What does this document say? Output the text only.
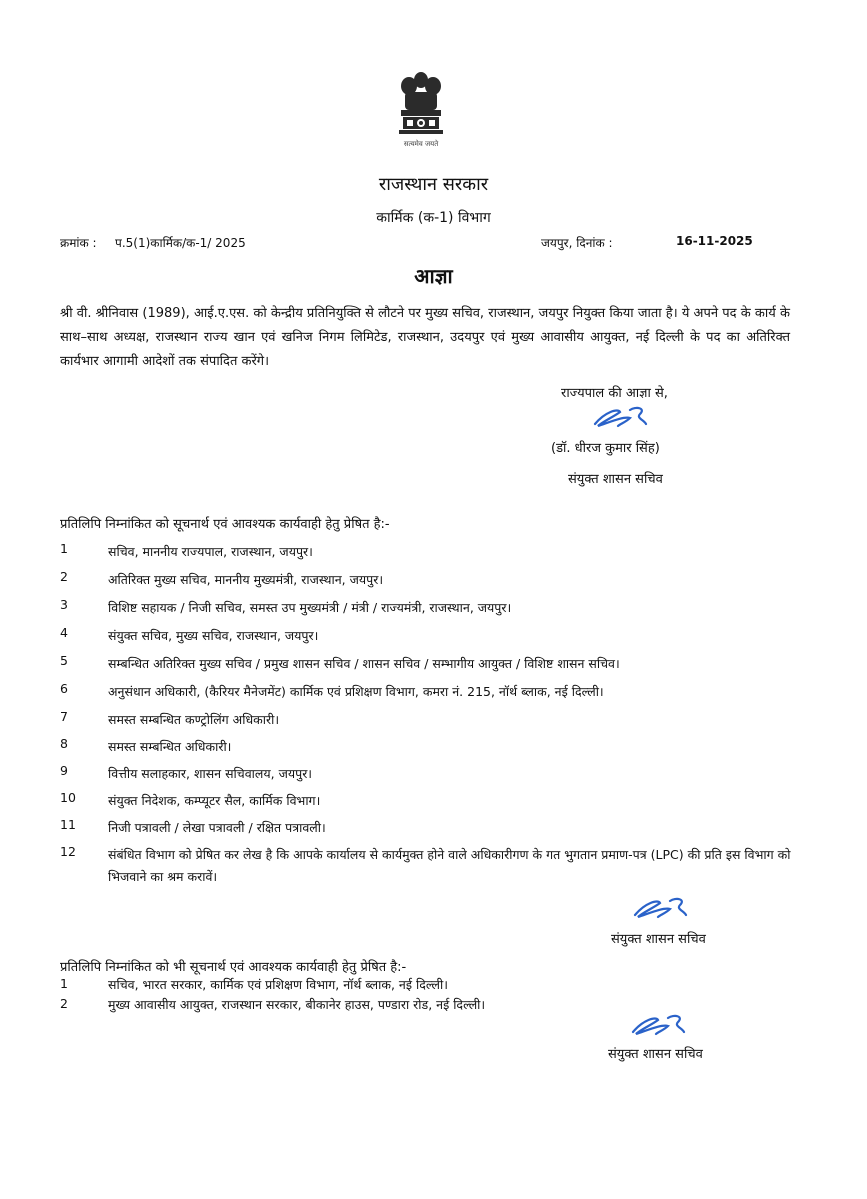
सत्यमेव जयते
राजस्थान सरकार
कार्मिक (क-1) विभाग
क्रमांक : प.5(1)कार्मिक/क-1/ 2025	जयपुर, दिनांक :	16-11-2025
आज्ञा
श्री वी. श्रीनिवास (1989), आई.ए.एस. को केन्द्रीय प्रतिनियुक्ति से लौटने पर मुख्य सचिव, राजस्थान, जयपुर नियुक्त किया जाता है। ये अपने पद के कार्य के साथ–साथ अध्यक्ष, राजस्थान राज्य खान एवं खनिज निगम लिमिटेड, राजस्थान, उदयपुर एवं मुख्य आवासीय आयुक्त, नई दिल्ली के पद का अतिरिक्त कार्यभार आगामी आदेशों तक संपादित करेंगे।
राज्यपाल की आज्ञा से,
(डॉ. धीरज कुमार सिंह)
संयुक्त शासन सचिव
प्रतिलिपि निम्नांकित को सूचनार्थ एवं आवश्यक कार्यवाही हेतु प्रेषित है:-
1	सचिव, माननीय राज्यपाल, राजस्थान, जयपुर।
2	अतिरिक्त मुख्य सचिव, माननीय मुख्यमंत्री, राजस्थान, जयपुर।
3	विशिष्ट सहायक / निजी सचिव, समस्त उप मुख्यमंत्री / मंत्री / राज्यमंत्री, राजस्थान, जयपुर।
4	संयुक्त सचिव, मुख्य सचिव, राजस्थान, जयपुर।
5	सम्बन्धित अतिरिक्त मुख्य सचिव / प्रमुख शासन सचिव / शासन सचिव / सम्भागीय आयुक्त / विशिष्ट शासन सचिव।
6	अनुसंधान अधिकारी, (कैरियर मैनेजमेंट) कार्मिक एवं प्रशिक्षण विभाग, कमरा नं. 215, नॉर्थ ब्लाक, नई दिल्ली।
7	समस्त सम्बन्धित कण्ट्रोलिंग अधिकारी।
8	समस्त सम्बन्धित अधिकारी।
9	वित्तीय सलाहकार, शासन सचिवालय, जयपुर।
10	संयुक्त निदेशक, कम्प्यूटर सैल, कार्मिक विभाग।
11	निजी पत्रावली / लेखा पत्रावली / रक्षित पत्रावली।
12	संबंधित विभाग को प्रेषित कर लेख है कि आपके कार्यालय से कार्यमुक्त होने वाले अधिकारीगण के गत भुगतान प्रमाण-पत्र (LPC) की प्रति इस विभाग को भिजवाने का श्रम करावें।
संयुक्त शासन सचिव
प्रतिलिपि निम्नांकित को भी सूचनार्थ एवं आवश्यक कार्यवाही हेतु प्रेषित है:-
1	सचिव, भारत सरकार, कार्मिक एवं प्रशिक्षण विभाग, नॉर्थ ब्लाक, नई दिल्ली।
2	मुख्य आवासीय आयुक्त, राजस्थान सरकार, बीकानेर हाउस, पण्डारा रोड, नई दिल्ली।
संयुक्त शासन सचिव
